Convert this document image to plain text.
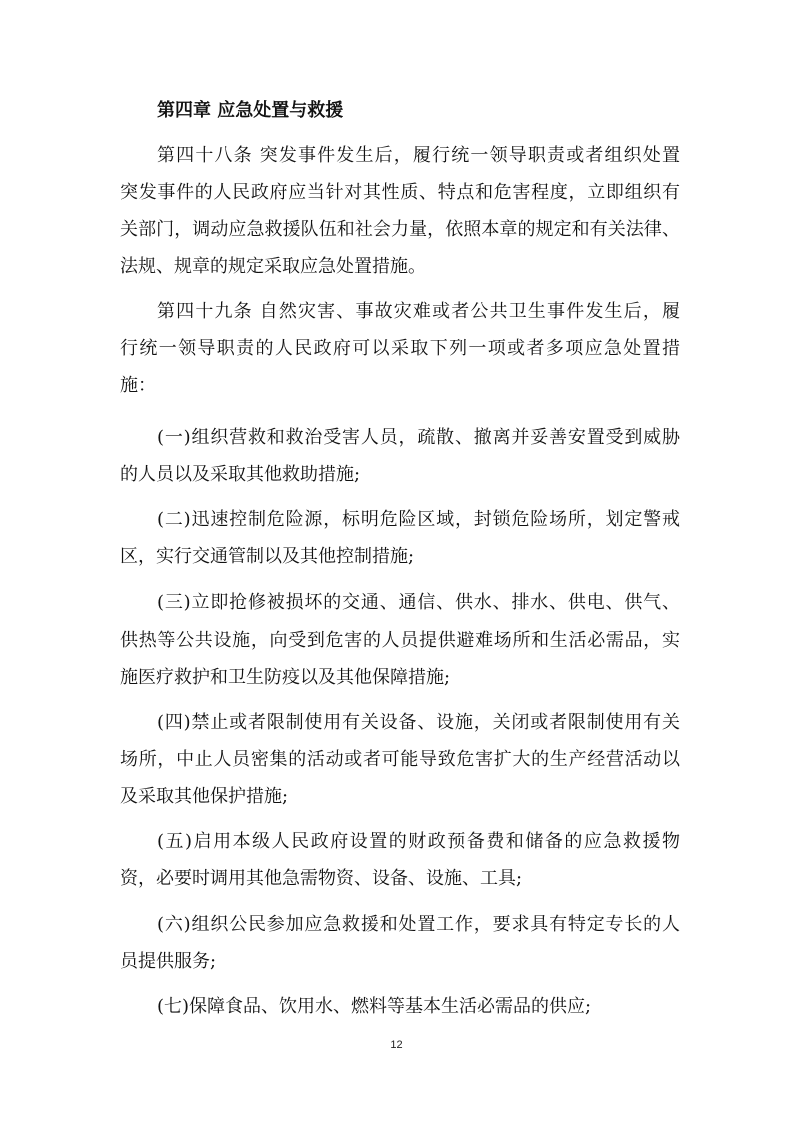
第四章 应急处置与救援
第四十八条 突发事件发生后，履行统一领导职责或者组织处置
突发事件的人民政府应当针对其性质、特点和危害程度，立即组织有
关部门，调动应急救援队伍和社会力量，依照本章的规定和有关法律、
法规、规章的规定采取应急处置措施。
第四十九条 自然灾害、事故灾难或者公共卫生事件发生后，履
行统一领导职责的人民政府可以采取下列一项或者多项应急处置措
施：
(一)组织营救和救治受害人员，疏散、撤离并妥善安置受到威胁
的人员以及采取其他救助措施;
(二)迅速控制危险源，标明危险区域，封锁危险场所，划定警戒
区，实行交通管制以及其他控制措施;
(三)立即抢修被损坏的交通、通信、供水、排水、供电、供气、
供热等公共设施，向受到危害的人员提供避难场所和生活必需品，实
施医疗救护和卫生防疫以及其他保障措施;
(四)禁止或者限制使用有关设备、设施，关闭或者限制使用有关
场所，中止人员密集的活动或者可能导致危害扩大的生产经营活动以
及采取其他保护措施;
(五)启用本级人民政府设置的财政预备费和储备的应急救援物
资，必要时调用其他急需物资、设备、设施、工具;
(六)组织公民参加应急救援和处置工作，要求具有特定专长的人
员提供服务;
(七)保障食品、饮用水、燃料等基本生活必需品的供应;
12
